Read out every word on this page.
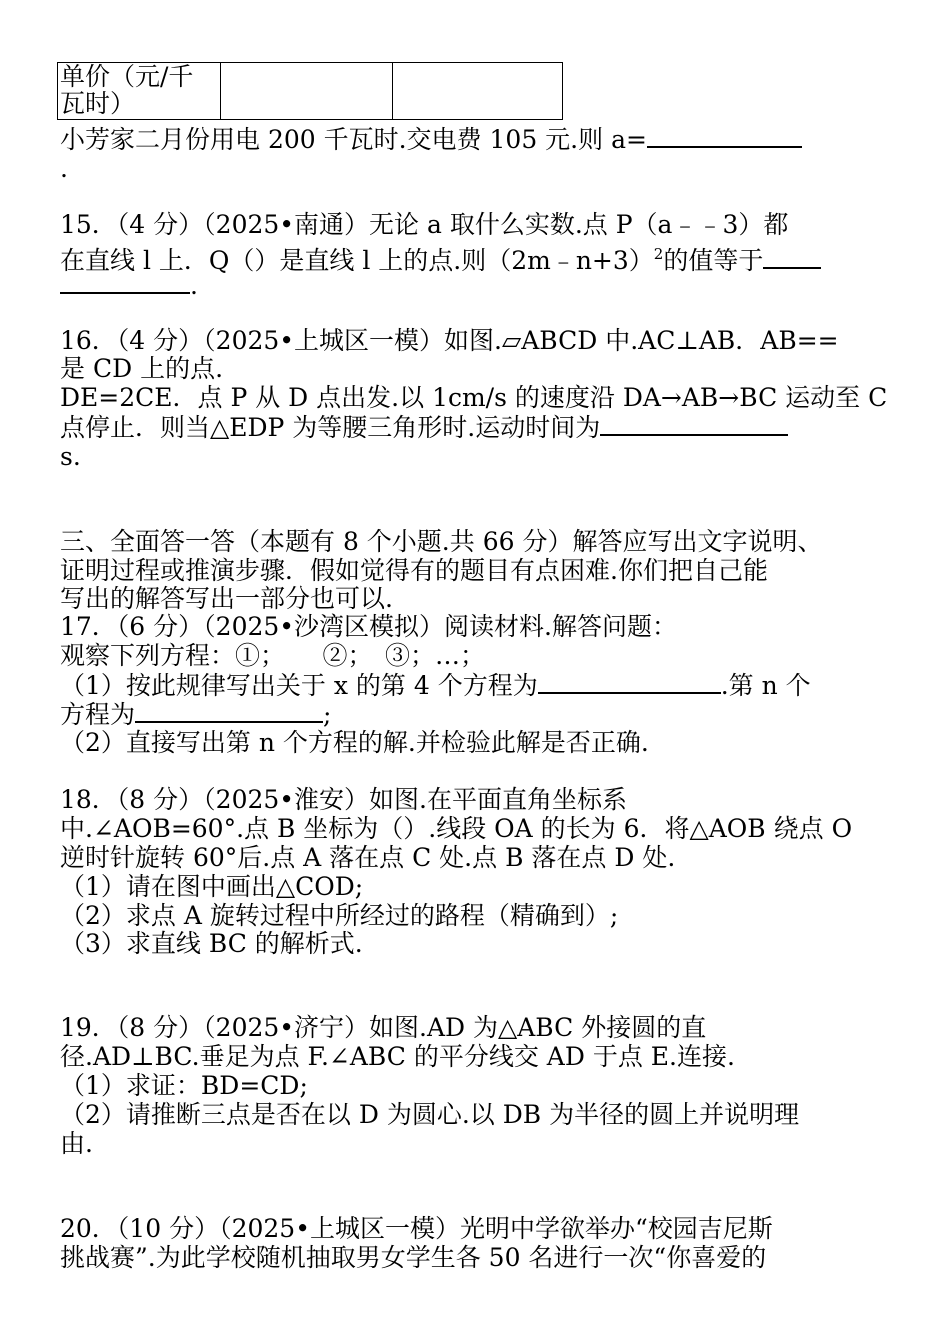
单价（元/千瓦时）

小芳家二月份用电 200 千瓦时.交电费 105 元.则 a=
.
15．（4 分）（2025•南通）无论 a 取什么实数.点 P（a﹣﹣3）都
在直线 l 上．Q（）是直线 l 上的点.则（2m﹣n+3）$^2$的值等于
.
16．（4 分）（2025•上城区一模）如图.▱ABCD 中.AC⊥AB．AB==
是 CD 上的点.
DE=2CE．点 P 从 D 点出发.以 1cm/s 的速度沿 DA→AB→BC 运动至 C
点停止．则当△EDP 为等腰三角形时.运动时间为
s.
三、全面答一答（本题有 8 个小题.共 66 分）解答应写出文字说明、
证明过程或推演步骤．假如觉得有的题目有点困难.你们把自己能
写出的解答写出一部分也可以.
17．（6 分）（2025•沙湾区模拟）阅读材料.解答问题：
观察下列方程：①；　　②；　③；…；
（1）按此规律写出关于 x 的第 4 个方程为	.第 n 个
方程为	;
（2）直接写出第 n 个方程的解.并检验此解是否正确.
18．（8 分）（2025•淮安）如图.在平面直角坐标系
中.∠AOB=60°.点 B 坐标为（）.线段 OA 的长为 6．将△AOB 绕点 O
逆时针旋转 60°后.点 A 落在点 C 处.点 B 落在点 D 处.
（1）请在图中画出△COD;
（2）求点 A 旋转过程中所经过的路程（精确到）;
（3）求直线 BC 的解析式.
19．（8 分）（2025•济宁）如图.AD 为△ABC 外接圆的直
径.AD⊥BC.垂足为点 F.∠ABC 的平分线交 AD 于点 E.连接.
（1）求证：BD=CD;
（2）请推断三点是否在以 D 为圆心.以 DB 为半径的圆上并说明理
由.
20．（10 分）（2025•上城区一模）光明中学欲举办“校园吉尼斯
挑战赛”.为此学校随机抽取男女学生各 50 名进行一次“你喜爱的
